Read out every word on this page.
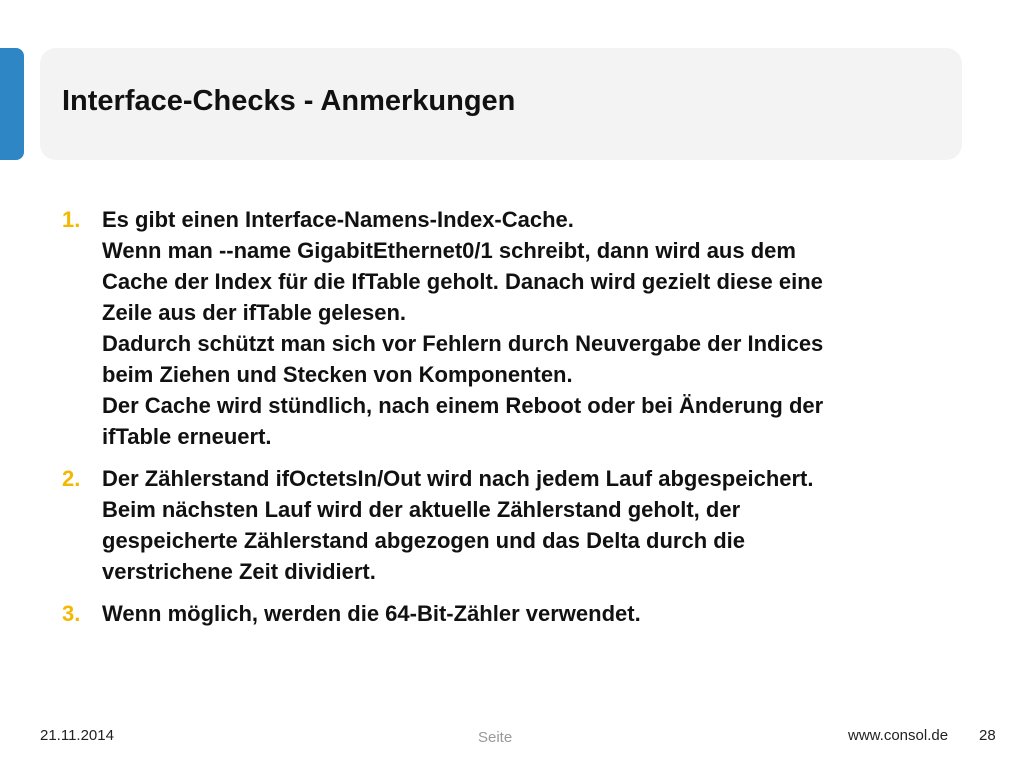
Interface-Checks - Anmerkungen
1. Es gibt einen Interface-Namens-Index-Cache.
Wenn man --name GigabitEthernet0/1 schreibt, dann wird aus dem
Cache der Index für die IfTable geholt. Danach wird gezielt diese eine
Zeile aus der ifTable gelesen.
Dadurch schützt man sich vor Fehlern durch Neuvergabe der Indices
beim Ziehen und Stecken von Komponenten.
Der Cache wird stündlich, nach einem Reboot oder bei Änderung der
ifTable erneuert.
2. Der Zählerstand ifOctetsIn/Out wird nach jedem Lauf abgespeichert.
Beim nächsten Lauf wird der aktuelle Zählerstand geholt, der
gespeicherte Zählerstand abgezogen und das Delta durch die
verstrichene Zeit dividiert.
3. Wenn möglich, werden die 64-Bit-Zähler verwendet.
21.11.2014	Seite	www.consol.de 28
